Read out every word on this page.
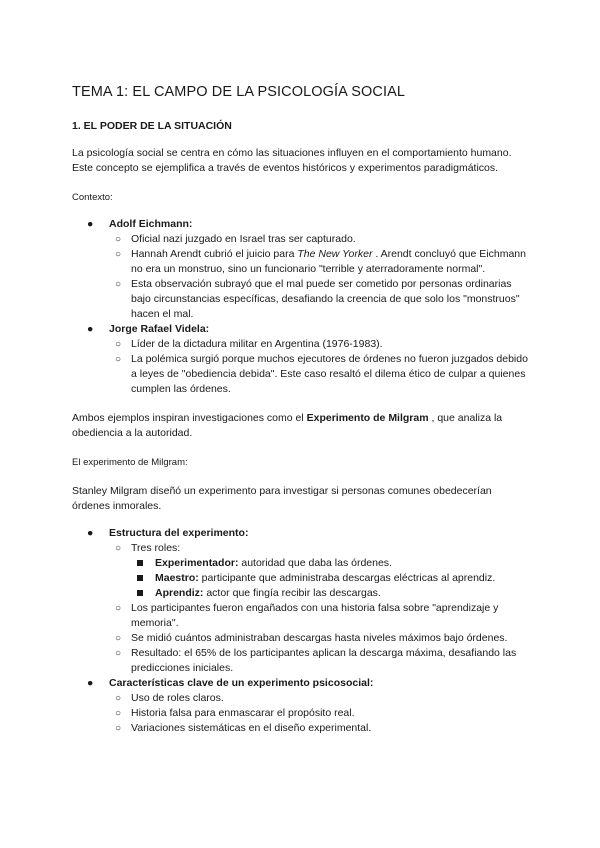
TEMA 1: EL CAMPO DE LA PSICOLOGÍA SOCIAL
1. EL PODER DE LA SITUACIÓN

La psicología social se centra en cómo las situaciones influyen en el comportamiento humano. Este concepto se ejemplifica a través de eventos históricos y experimentos paradigmáticos.

Contexto:

● Adolf Eichmann:
○ Oficial nazi juzgado en Israel tras ser capturado.
○ Hannah Arendt cubrió el juicio para The New Yorker . Arendt concluyó que Eichmann no era un monstruo, sino un funcionario "terrible y aterradoramente normal".
○ Esta observación subrayó que el mal puede ser cometido por personas ordinarias bajo circunstancias específicas, desafiando la creencia de que solo los "monstruos" hacen el mal.
● Jorge Rafael Videla:
○ Líder de la dictadura militar en Argentina (1976-1983).
○ La polémica surgió porque muchos ejecutores de órdenes no fueron juzgados debido a leyes de "obediencia debida". Este caso resaltó el dilema ético de culpar a quienes cumplen las órdenes.

Ambos ejemplos inspiran investigaciones como el Experimento de Milgram , que analiza la obediencia a la autoridad.

El experimento de Milgram:

Stanley Milgram diseñó un experimento para investigar si personas comunes obedecerían órdenes inmorales.

● Estructura del experimento:
○ Tres roles:
Experimentador: autoridad que daba las órdenes.
Maestro: participante que administraba descargas eléctricas al aprendiz.
Aprendiz: actor que fingía recibir las descargas.
○ Los participantes fueron engañados con una historia falsa sobre "aprendizaje y memoria".
○ Se midió cuántos administraban descargas hasta niveles máximos bajo órdenes.
○ Resultado: el 65% de los participantes aplican la descarga máxima, desafiando las predicciones iniciales.
● Características clave de un experimento psicosocial:
○ Uso de roles claros.
○ Historia falsa para enmascarar el propósito real.
○ Variaciones sistemáticas en el diseño experimental.
